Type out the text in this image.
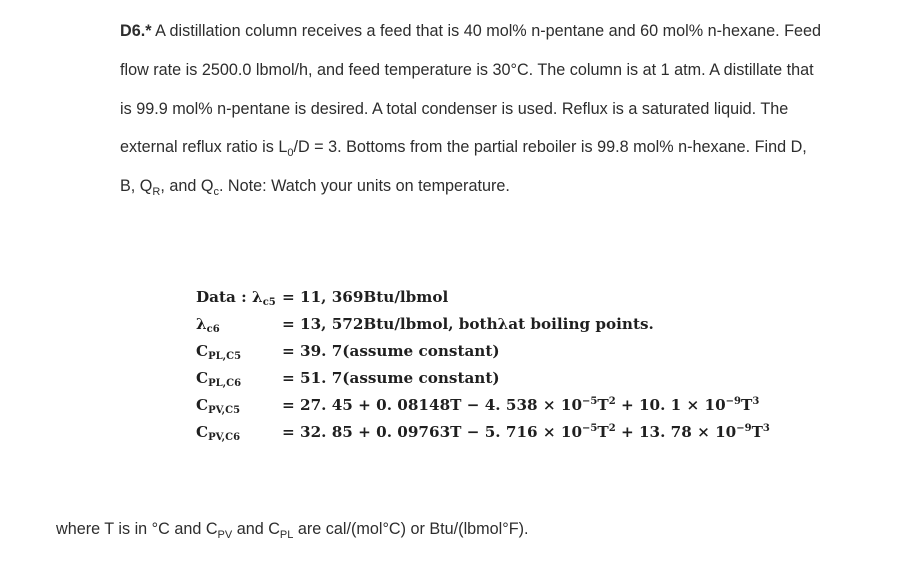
D6.* A distillation column receives a feed that is 40 mol% n-pentane and 60 mol% n-hexane. Feed
flow rate is 2500.0 lbmol/h, and feed temperature is 30°C. The column is at 1 atm. A distillate that
is 99.9 mol% n-pentane is desired. A total condenser is used. Reflux is a saturated liquid. The
external reflux ratio is $L_0/D = 3$. Bottoms from the partial reboiler is 99.8 mol% n-hexane. Find D,
B, $Q_R$, and $Q_c$. Note: Watch your units on temperature.
Data : λc5 = 11, 369Btu/lbmol
λc6	= 13, 572Btu/lbmol, bothλat boiling points.
CPL,C5	= 39. 7(assume constant)
CPL,C6	= 51. 7(assume constant)
CPV,C5	= 27. 45 + 0. 08148T − 4. $538 \times 10^{-5}T^2 + 10$. $1 \times 10^{-9}T^3$
CPV,C6	= 32. 85 + 0. 09763T − 5. $716 \times 10^{-5}T^2 + 13$. $78 \times 10^{-9}T^3$
where T is in °C and $C_{PV}$ and $C_{PL}$ are cal/(mol°C) or Btu/(lbmol°F).
